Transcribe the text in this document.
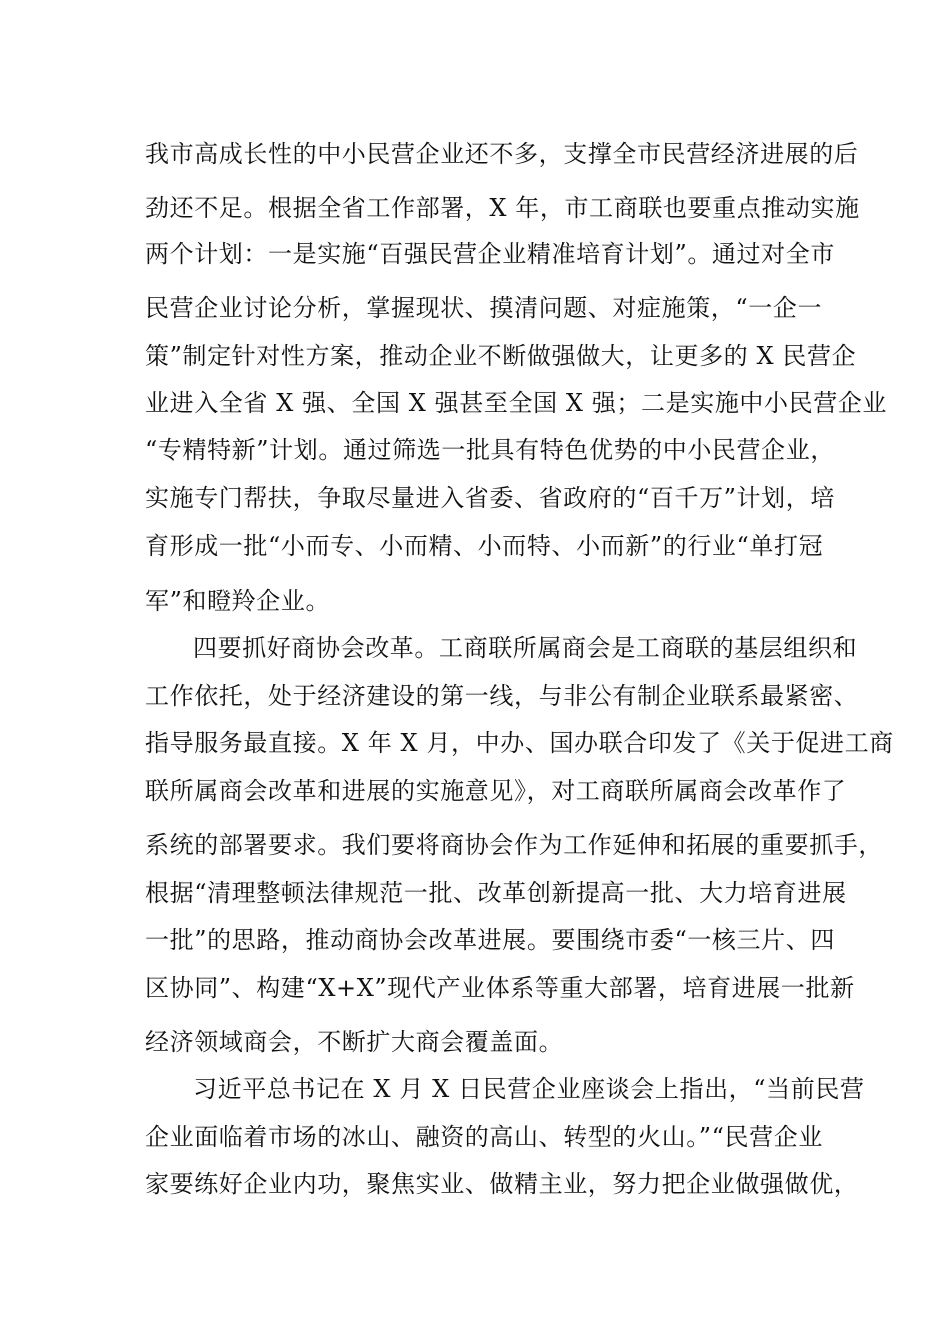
我市高成长性的中小民营企业还不多，支撑全市民营经济进展的后
劲还不足。根据全省工作部署，X 年，市工商联也要重点推动实施
两个计划：一是实施“百强民营企业精准培育计划”。通过对全市
民营企业讨论分析，掌握现状、摸清问题、对症施策，“一企一
策”制定针对性方案，推动企业不断做强做大，让更多的 X 民营企
业进入全省 X 强、全国 X 强甚至全国 X 强；二是实施中小民营企业
“专精特新”计划。通过筛选一批具有特色优势的中小民营企业，
实施专门帮扶，争取尽量进入省委、省政府的“百千万”计划，培
育形成一批“小而专、小而精、小而特、小而新”的行业“单打冠
军”和瞪羚企业。
四要抓好商协会改革。工商联所属商会是工商联的基层组织和
工作依托，处于经济建设的第一线，与非公有制企业联系最紧密、
指导服务最直接。X 年 X 月，中办、国办联合印发了《关于促进工商
联所属商会改革和进展的实施意见》，对工商联所属商会改革作了
系统的部署要求。我们要将商协会作为工作延伸和拓展的重要抓手，
根据“清理整顿法律规范一批、改革创新提高一批、大力培育进展
一批”的思路，推动商协会改革进展。要围绕市委“一核三片、四
区协同”、构建“X+X”现代产业体系等重大部署，培育进展一批新
经济领域商会，不断扩大商会覆盖面。
习近平总书记在 X 月 X 日民营企业座谈会上指出，“当前民营
企业面临着市场的冰山、融资的高山、转型的火山。”“民营企业
家要练好企业内功，聚焦实业、做精主业，努力把企业做强做优，
